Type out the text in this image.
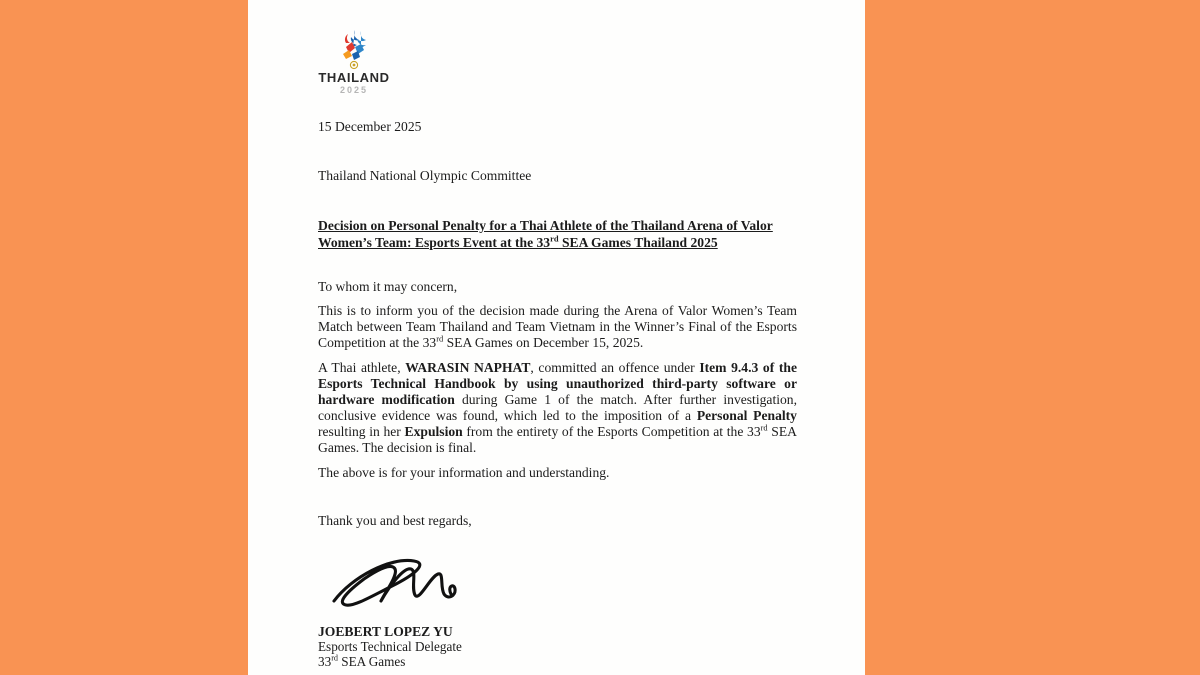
THAILAND
2025

15 December 2025

Thailand National Olympic Committee

Decision on Personal Penalty for a Thai Athlete of the Thailand Arena of Valor
Women’s Team: Esports Event at the 33rd SEA Games Thailand 2025

To whom it may concern,

This is to inform you of the decision made during the Arena of Valor Women’s Team Match between Team Thailand and Team Vietnam in the Winner’s Final of the Esports Competition at the 33rd SEA Games on December 15, 2025.

A Thai athlete, WARASIN NAPHAT, committed an offence under Item 9.4.3 of the Esports Technical Handbook by using unauthorized third-party software or hardware modification during Game 1 of the match. After further investigation, conclusive evidence was found, which led to the imposition of a Personal Penalty resulting in her Expulsion from the entirety of the Esports Competition at the 33rd SEA Games. The decision is final.

The above is for your information and understanding.

Thank you and best regards,

JOEBERT LOPEZ YU

Esports Technical Delegate

33rd SEA Games
